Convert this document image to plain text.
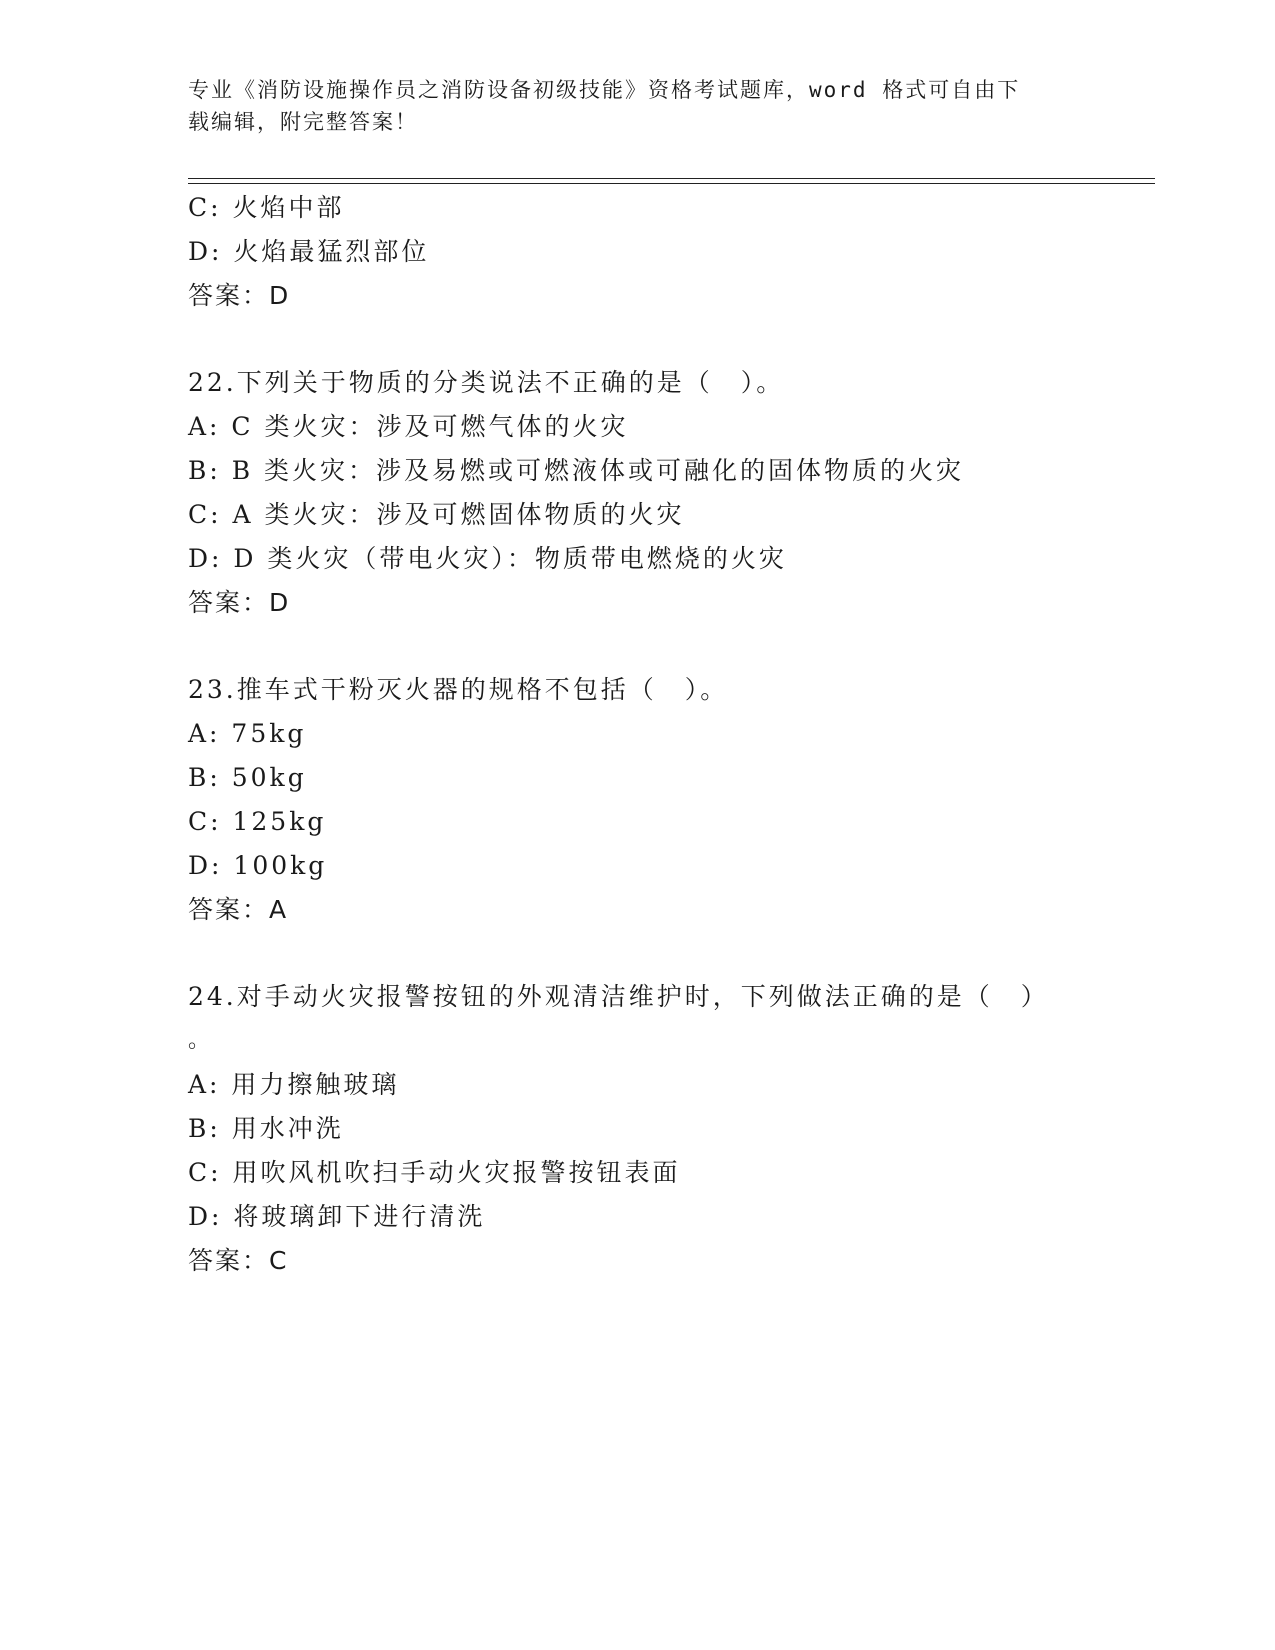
专业《消防设施操作员之消防设备初级技能》资格考试题库，word 格式可自由下
载编辑，附完整答案！
C: 火焰中部
D: 火焰最猛烈部位
答案：D
22.下列关于物质的分类说法不正确的是（　）。
A: C 类火灾：涉及可燃气体的火灾
B: B 类火灾：涉及易燃或可燃液体或可融化的固体物质的火灾
C: A 类火灾：涉及可燃固体物质的火灾
D: D 类火灾（带电火灾）：物质带电燃烧的火灾
答案：D
23.推车式干粉灭火器的规格不包括（　）。
A: 75kg
B: 50kg
C: 125kg
D: 100kg
答案：A
24.对手动火灾报警按钮的外观清洁维护时，下列做法正确的是（　）
。
A: 用力擦触玻璃
B: 用水冲洗
C: 用吹风机吹扫手动火灾报警按钮表面
D: 将玻璃卸下进行清洗
答案：C
